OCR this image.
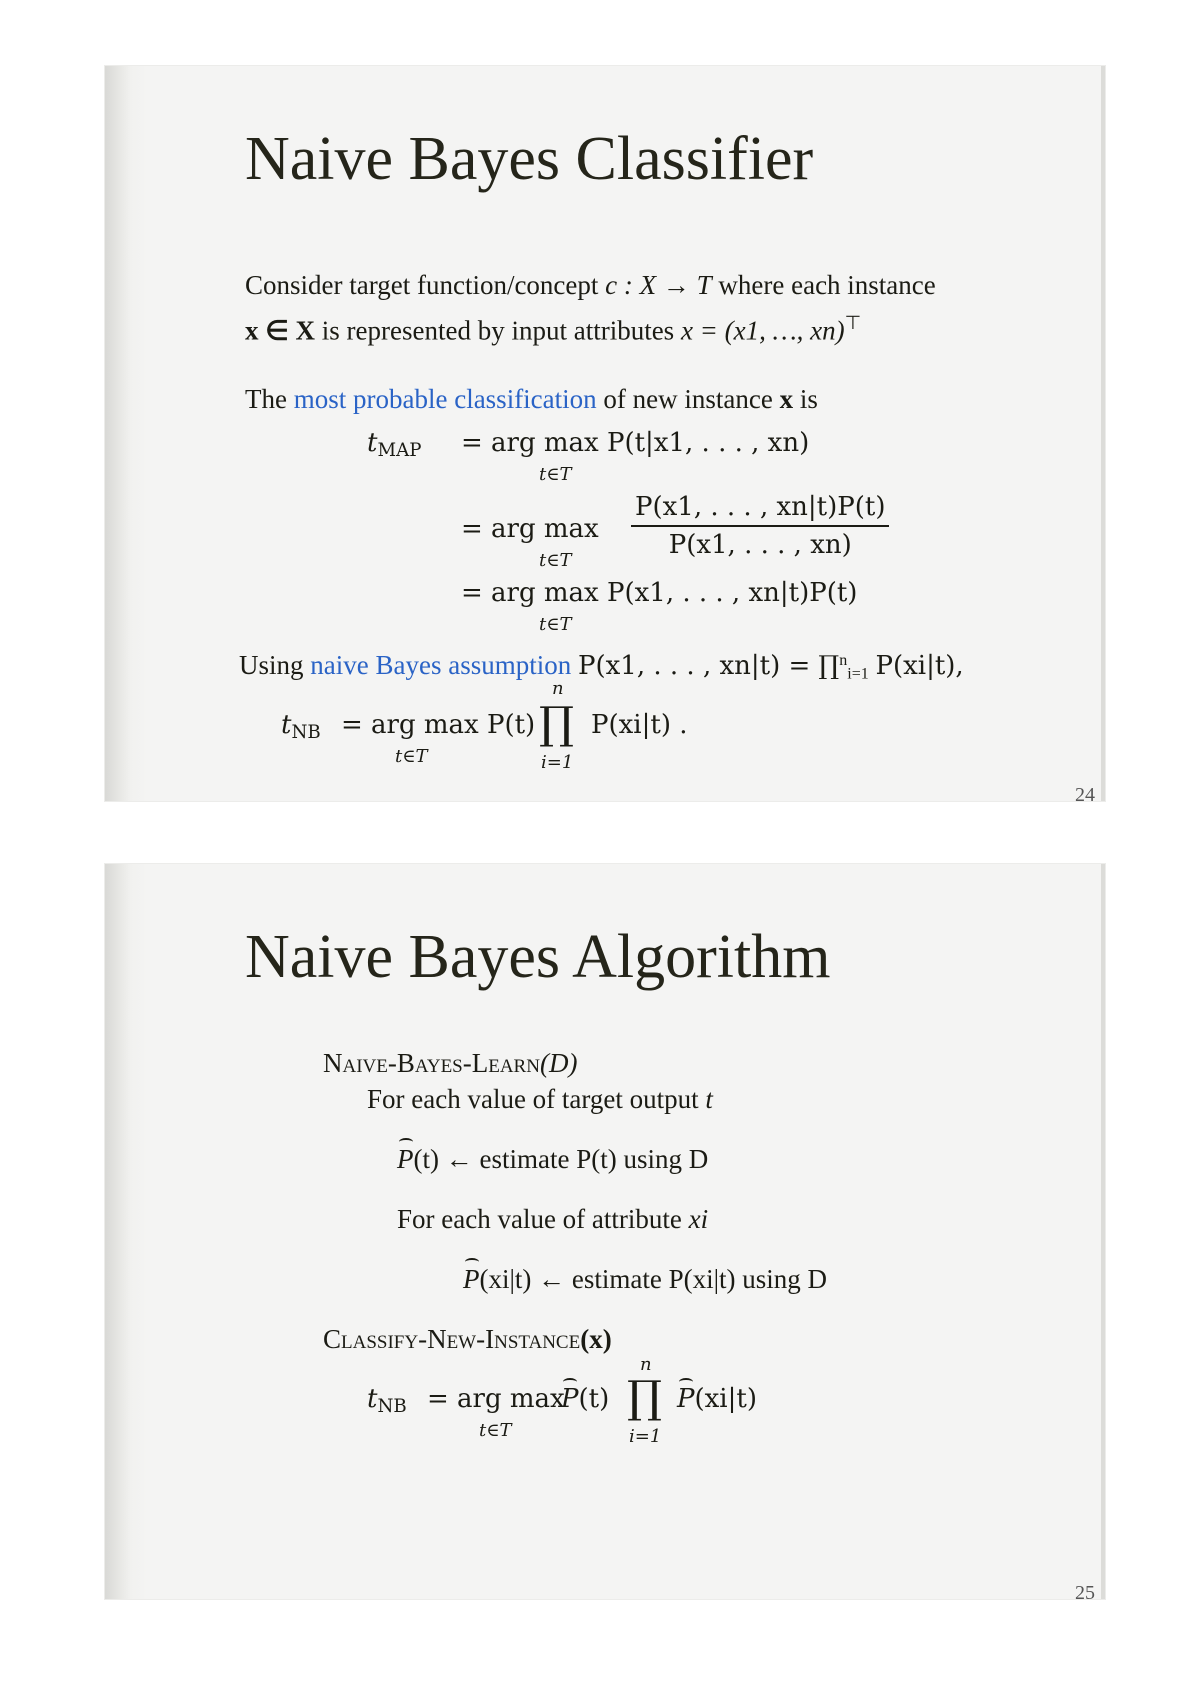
Naive Bayes Classifier
Consider target function/concept c : X → T where each instance
x ∈ X is represented by input attributes x = (x1, …, xn)⊤
The most probable classification of new instance x is
$t_{MAP}$ = arg max P(t|x1, . . . , xn)
t∈T
= arg $\max \frac{P(x1, . . . , xn|t)P(t)}{P(x1, . . . , xn)}$
t∈T
= arg max P(x1, . . . , xn|t)P(t)
t∈T
Using naive Bayes assumption P(x1, . . . , xn|t) = ∏$^n_{i=1}$ P(xi|t),
$t_{NB}$ = arg max P(t)
t∈T
n
∏
i=1
P(xi|t) .
24
Naive Bayes Algorithm
Naive-Bayes-Learn(D)
For each value of target output t
P(t) ← estimate P(t) using D
For each value of attribute xi
P(xi|t) ← estimate P(xi|t) using D
Classify-New-Instance(x)
$t_{NB}$ = arg max
P(t)
t∈T
n
∏
i=1
P(xi|t)
25
